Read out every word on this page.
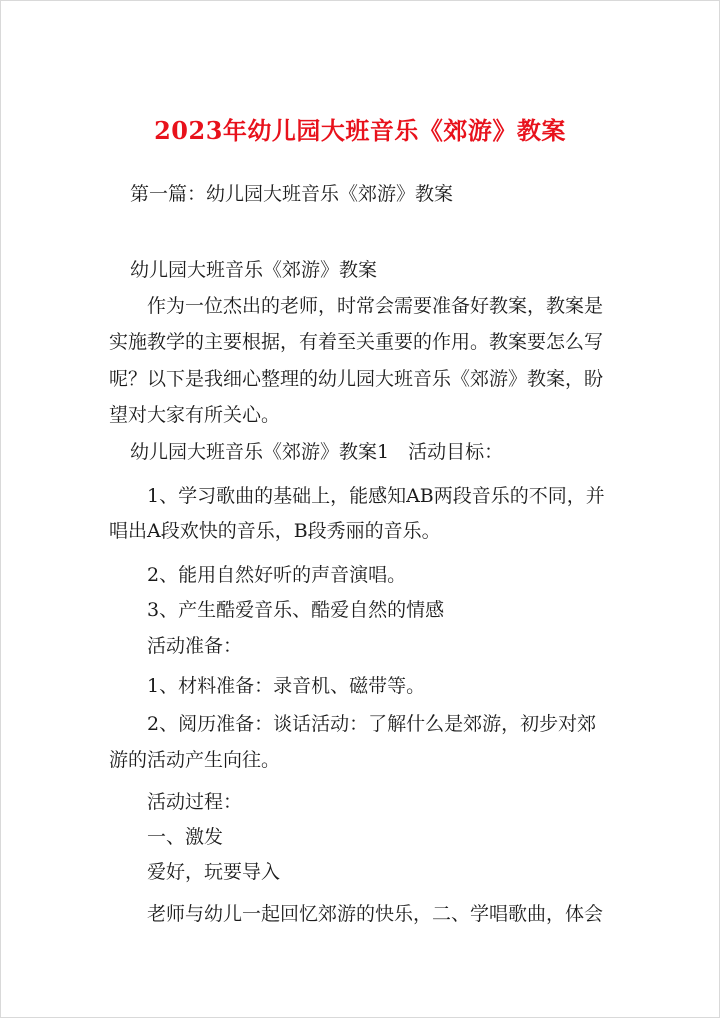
2023年幼儿园大班音乐《郊游》教案
第一篇：幼儿园大班音乐《郊游》教案
幼儿园大班音乐《郊游》教案
作为一位杰出的老师，时常会需要准备好教案，教案是
实施教学的主要根据，有着至关重要的作用。教案要怎么写
呢？以下是我细心整理的幼儿园大班音乐《郊游》教案，盼
望对大家有所关心。
幼儿园大班音乐《郊游》教案1　活动目标：
1、学习歌曲的基础上，能感知AB两段音乐的不同，并
唱出A段欢快的音乐，B段秀丽的音乐。
2、能用自然好听的声音演唱。
3、产生酷爱音乐、酷爱自然的情感
活动准备：
1、材料准备：录音机、磁带等。
2、阅历准备：谈话活动：了解什么是郊游，初步对郊
游的活动产生向往。
活动过程：
一、激发
爱好，玩要导入
老师与幼儿一起回忆郊游的快乐，二、学唱歌曲，体会
